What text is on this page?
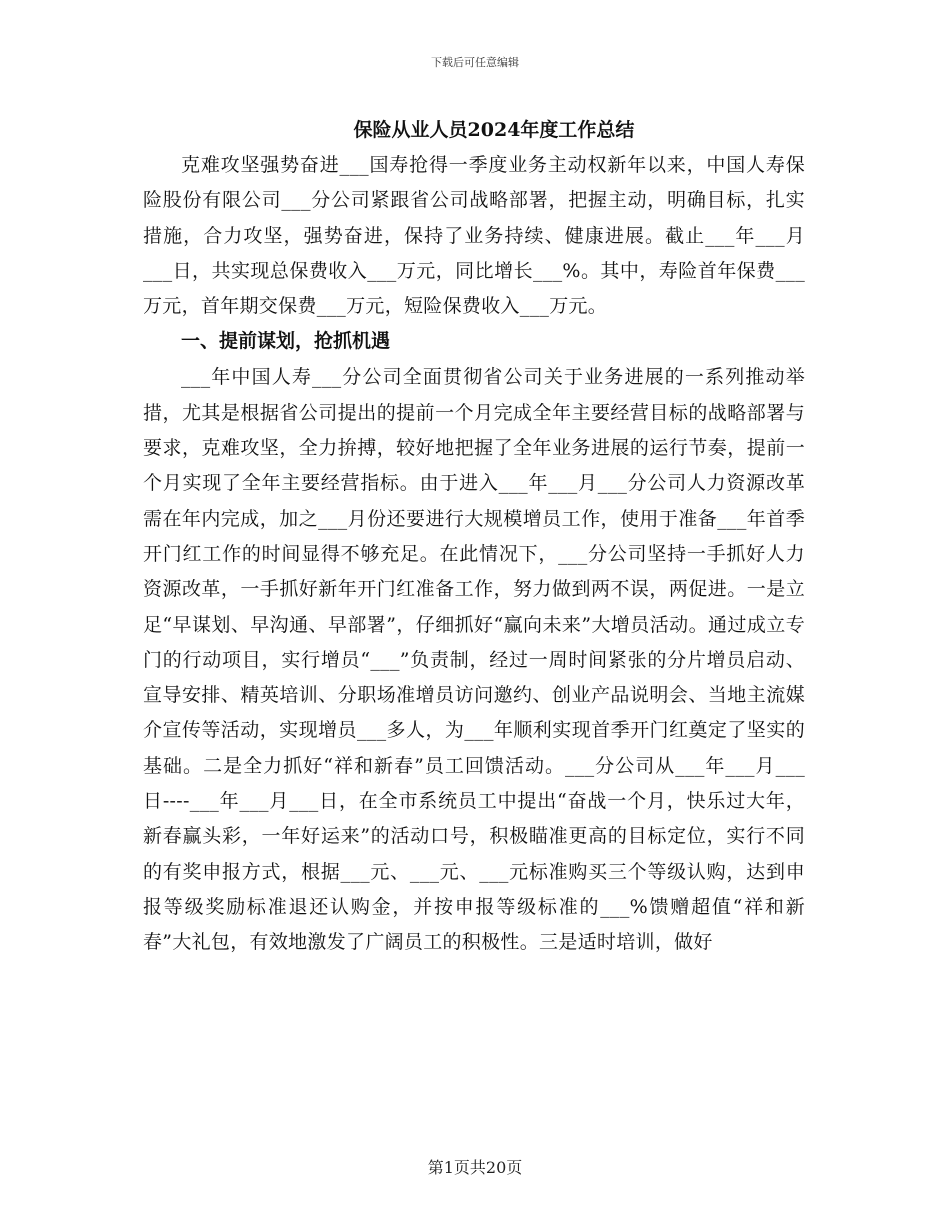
下载后可任意编辑
保险从业人员2024年度工作总结

克难攻坚强势奋进___国寿抢得一季度业务主动权新年以来，中国人寿保险股份有限公司___分公司紧跟省公司战略部署，把握主动，明确目标，扎实措施，合力攻坚，强势奋进，保持了业务持续、健康进展。截止___年___月___日，共实现总保费收入___万元，同比增长___%。其中，寿险首年保费___万元，首年期交保费___万元，短险保费收入___万元。

一、提前谋划，抢抓机遇

___年中国人寿___分公司全面贯彻省公司关于业务进展的一系列推动举措，尤其是根据省公司提出的提前一个月完成全年主要经营目标的战略部署与要求，克难攻坚，全力拚搏，较好地把握了全年业务进展的运行节奏，提前一个月实现了全年主要经营指标。由于进入___年___月___分公司人力资源改革需在年内完成，加之___月份还要进行大规模增员工作，使用于准备___年首季开门红工作的时间显得不够充足。在此情况下，___分公司坚持一手抓好人力资源改革，一手抓好新年开门红准备工作，努力做到两不误，两促进。一是立足“早谋划、早沟通、早部署”，仔细抓好“赢向未来”大增员活动。通过成立专门的行动项目，实行增员“___”负责制，经过一周时间紧张的分片增员启动、宣导安排、精英培训、分职场准增员访问邀约、创业产品说明会、当地主流媒介宣传等活动，实现增员___多人，为___年顺利实现首季开门红奠定了坚实的基础。二是全力抓好“祥和新春”员工回馈活动。___分公司从___年___月___日----___年___月___日，在全市系统员工中提出“奋战一个月，快乐过大年，新春赢头彩，一年好运来”的活动口号，积极瞄准更高的目标定位，实行不同的有奖申报方式，根据___元、___元、___元标准购买三个等级认购，达到申报等级奖励标准退还认购金，并按申报等级标准的___%馈赠超值“祥和新春”大礼包，有效地激发了广阔员工的积极性。三是适时培训，做好

第1页共20页
